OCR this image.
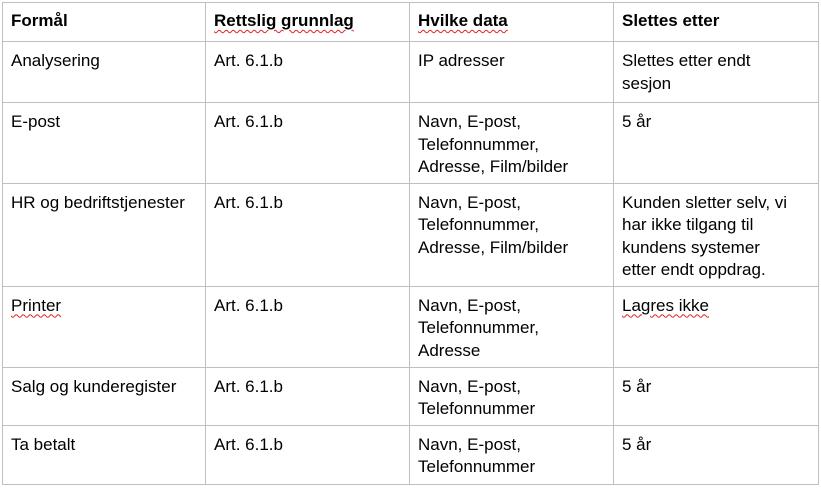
Formål	Rettslig grunnlag	Hvilke data	Slettes etter
Analysering	Art. 6.1.b	IP adresser	Slettes etter endt
sesjon

E-post	Art. 6.1.b	Navn, E-post,
Telefonnummer,
Adresse, Film/bilder	5 år

HR og bedriftstjenester	Art. 6.1.b	Navn, E-post,
Telefonnummer,
Adresse, Film/bilder	Kunden sletter selv, vi
har ikke tilgang til
kundens systemer
etter endt oppdrag.

Printer	Art. 6.1.b	Navn, E-post,
Telefonnummer,
Adresse	Lagres ikke

Salg og kunderegister	Art. 6.1.b	Navn, E-post,
Telefonnummer	5 år

Ta betalt	Art. 6.1.b	Navn, E-post,
Telefonnummer	5 år
